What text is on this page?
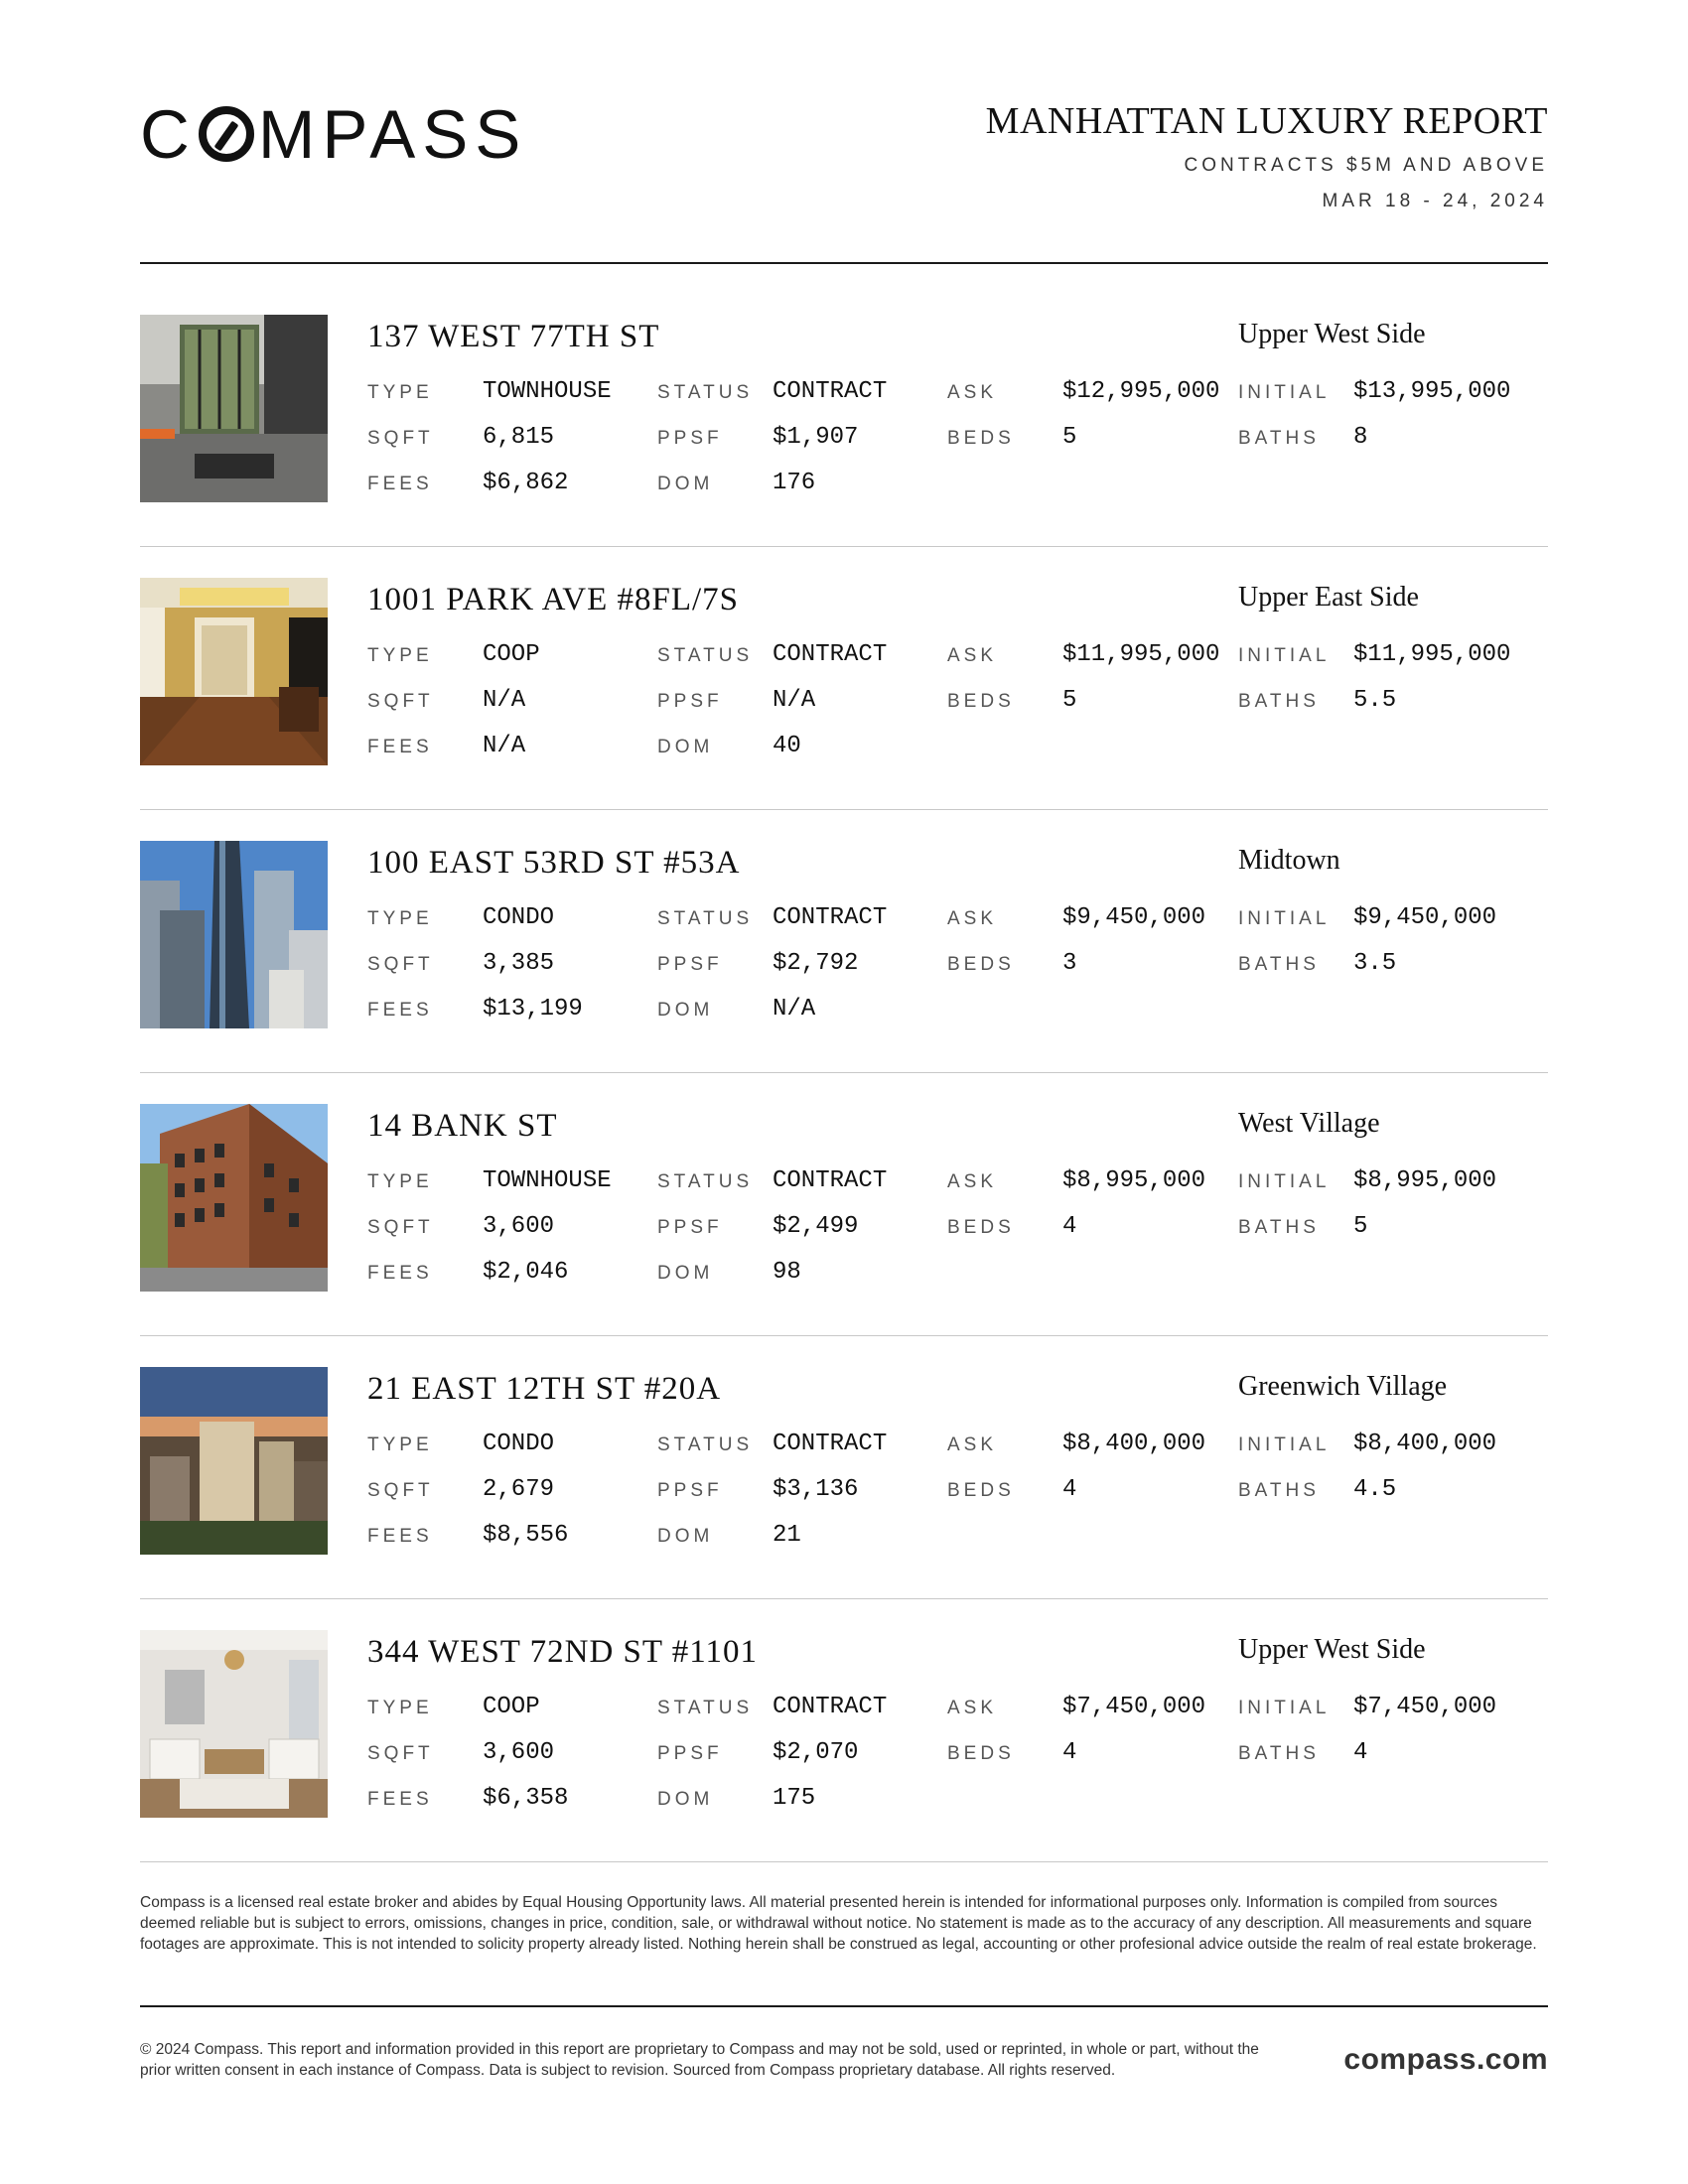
C MPASS	MANHATTAN LUXURY REPORT
CONTRACTS $5M AND ABOVE
MAR 18 - 24, 2024
137 WEST 77TH ST	Upper West Side
TYPE TOWNHOUSE STATUS CONTRACT	ASK	$12,995,000 INITIAL $13,995,000
SQFT 6,815	PPSF $1,907	BEDS 5	BATHS 8
FEES $6,862	DOM 176
1001 PARK AVE #8FL/7S	Upper East Side
TYPE COOP	STATUS CONTRACT	ASK	$11,995,000 INITIAL $11,995,000
SQFT N/A	PPSF N/A	BEDS 5	BATHS 5.5
FEES N/A	DOM 40
100 EAST 53RD ST #53A	Midtown
TYPE CONDO	STATUS CONTRACT	ASK	$9,450,000 INITIAL $9,450,000
SQFT 3,385	PPSF $2,792	BEDS 3	BATHS 3.5
FEES $13,199	DOM N/A
14 BANK ST	West Village
TYPE TOWNHOUSE STATUS CONTRACT	ASK	$8,995,000 INITIAL $8,995,000
SQFT 3,600	PPSF $2,499	BEDS 4	BATHS 5
FEES $2,046	DOM 98
21 EAST 12TH ST #20A	Greenwich Village
TYPE CONDO	STATUS CONTRACT	ASK	$8,400,000 INITIAL $8,400,000
SQFT 2,679	PPSF $3,136	BEDS 4	BATHS 4.5
FEES $8,556	DOM 21
344 WEST 72ND ST #1101	Upper West Side
TYPE COOP	STATUS CONTRACT	ASK	$7,450,000 INITIAL $7,450,000
SQFT 3,600	PPSF $2,070	BEDS 4	BATHS 4
FEES $6,358	DOM 175
Compass is a licensed real estate broker and abides by Equal Housing Opportunity laws. All material presented herein is intended for informational purposes only. Information is compiled from sources deemed reliable but is subject to errors, omissions, changes in price, condition, sale, or withdrawal without notice. No statement is made as to the accuracy of any description. All measurements and square footages are approximate. This is not intended to solicity property already listed. Nothing herein shall be construed as legal, accounting or other profesional advice outside the realm of real estate brokerage.
© 2024 Compass. This report and information provided in this report are proprietary to Compass and may not be sold, used or reprinted, in whole or part, without the prior written consent in each instance of Compass. Data is subject to revision. Sourced from Compass proprietary database. All rights reserved.	compass.com
